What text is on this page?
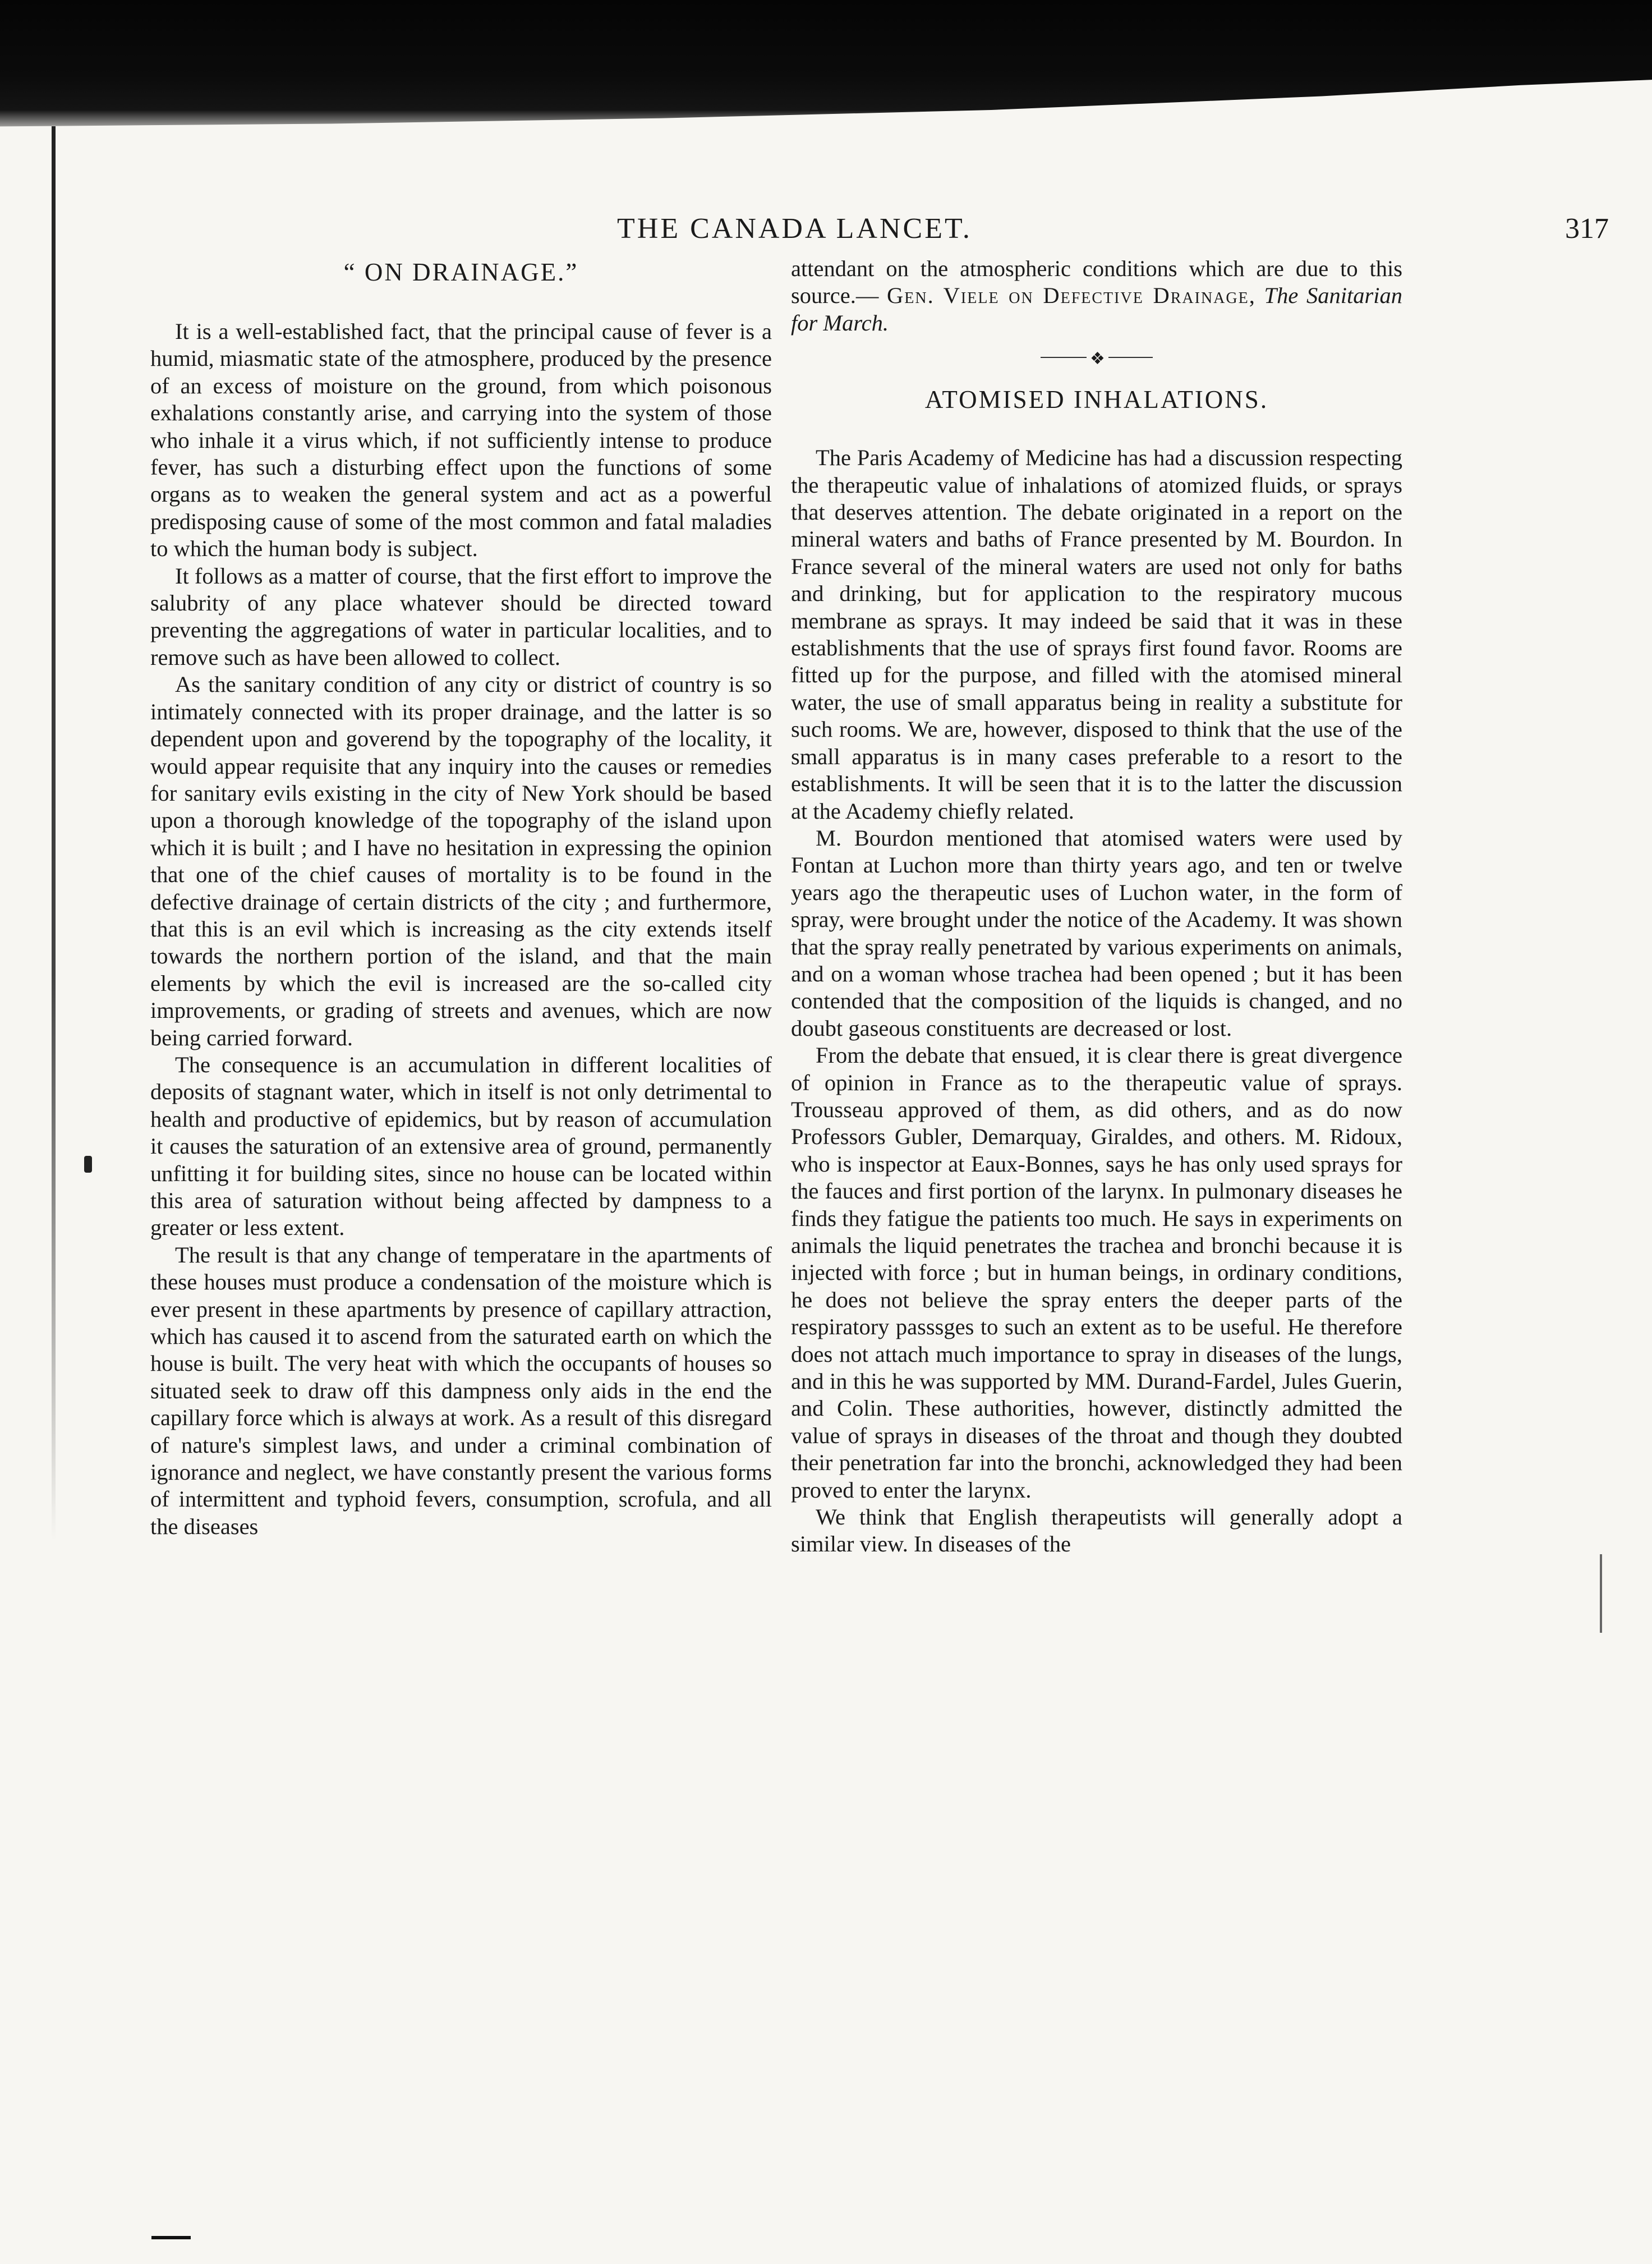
THE CANADA LANCET.	317
“ ON DRAINAGE.”

It is a well-established fact, that the principal cause of fever is a humid, miasmatic state of the atmosphere, produced by the presence of an excess of moisture on the ground, from which poisonous exhalations constantly arise, and carrying into the system of those who inhale it a virus which, if not sufficiently intense to produce fever, has such a disturbing effect upon the functions of some organs as to weaken the general system and act as a powerful predisposing cause of some of the most common and fatal maladies to which the human body is subject.

It follows as a matter of course, that the first effort to improve the salubrity of any place whatever should be directed toward preventing the aggregations of water in particular localities, and to remove such as have been allowed to collect.

As the sanitary condition of any city or district of country is so intimately connected with its proper drainage, and the latter is so dependent upon and goverend by the topography of the locality, it would appear requisite that any inquiry into the causes or remedies for sanitary evils existing in the city of New York should be based upon a thorough knowledge of the topography of the island upon which it is built ; and I have no hesitation in expressing the opinion that one of the chief causes of mortality is to be found in the defective drainage of certain districts of the city ; and furthermore, that this is an evil which is increasing as the city extends itself towards the northern portion of the island, and that the main elements by which the evil is increased are the so-called city improvements, or grading of streets and avenues, which are now being carried forward.

The consequence is an accumulation in different localities of deposits of stagnant water, which in itself is not only detrimental to health and productive of epidemics, but by reason of accumulation it causes the saturation of an extensive area of ground, permanently unfitting it for building sites, since no house can be located within this area of saturation without being affected by dampness to a greater or less extent.

The result is that any change of temperatare in the apartments of these houses must produce a condensation of the moisture which is ever present in these apartments by presence of capillary attraction, which has caused it to ascend from the saturated earth on which the house is built. The very heat with which the occupants of houses so situated seek to draw off this dampness only aids in the end the capillary force which is always at work. As a result of this disregard of nature's simplest laws, and under a criminal combination of ignorance and neglect, we have constantly present the various forms of intermittent and typhoid fevers, consumption, scrofula, and all the diseases

attendant on the atmospheric conditions which are due to this source.— Gen. Viele on Defective Drainage, The Sanitarian for March.

❖
ATOMISED INHALATIONS.

The Paris Academy of Medicine has had a discussion respecting the therapeutic value of inhalations of atomized fluids, or sprays that deserves attention. The debate originated in a report on the mineral waters and baths of France presented by M. Bourdon. In France several of the mineral waters are used not only for baths and drinking, but for application to the respiratory mucous membrane as sprays. It may indeed be said that it was in these establishments that the use of sprays first found favor. Rooms are fitted up for the purpose, and filled with the atomised mineral water, the use of small apparatus being in reality a substitute for such rooms. We are, however, disposed to think that the use of the small apparatus is in many cases preferable to a resort to the establishments. It will be seen that it is to the latter the discussion at the Academy chiefly related.

M. Bourdon mentioned that atomised waters were used by Fontan at Luchon more than thirty years ago, and ten or twelve years ago the therapeutic uses of Luchon water, in the form of spray, were brought under the notice of the Academy. It was shown that the spray really penetrated by various experiments on animals, and on a woman whose trachea had been opened ; but it has been contended that the composition of the liquids is changed, and no doubt gaseous constituents are decreased or lost.

From the debate that ensued, it is clear there is great divergence of opinion in France as to the therapeutic value of sprays. Trousseau approved of them, as did others, and as do now Professors Gubler, Demarquay, Giraldes, and others. M. Ridoux, who is inspector at Eaux-Bonnes, says he has only used sprays for the fauces and first portion of the larynx. In pulmonary diseases he finds they fatigue the patients too much. He says in experiments on animals the liquid penetrates the trachea and bronchi because it is injected with force ; but in human beings, in ordinary conditions, he does not believe the spray enters the deeper parts of the respiratory passsges to such an extent as to be useful. He therefore does not attach much importance to spray in diseases of the lungs, and in this he was supported by MM. Durand-Fardel, Jules Guerin, and Colin. These authorities, however, distinctly admitted the value of sprays in diseases of the throat and though they doubted their penetration far into the bronchi, acknowledged they had been proved to enter the larynx.

We think that English therapeutists will generally adopt a similar view. In diseases of the
